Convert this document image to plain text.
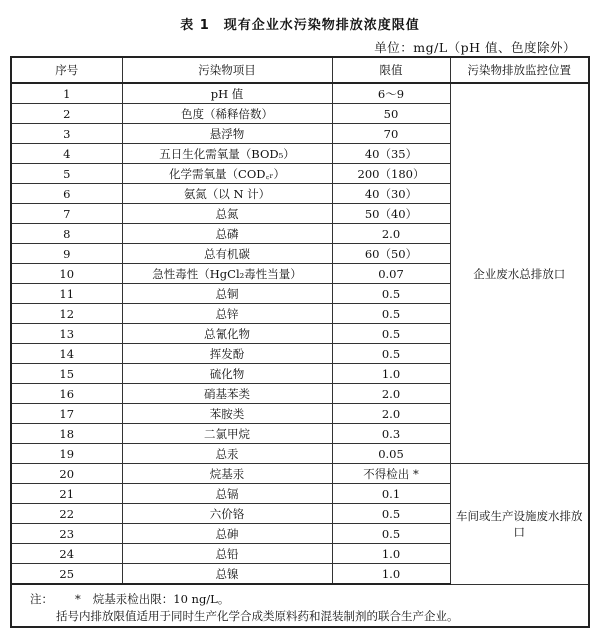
表 1 现有企业水污染物排放浓度限值
单位：mg/L（pH 值、色度除外）
序号	污染物项目	限值	污染物排放监控位置
1	pH 值	6～9	企业废水总排放口
2	色度（稀释倍数）	50	
3	悬浮物	70	
4	五日生化需氧量（BOD₅）	40（35）	
5	化学需氧量（COD꜀ᵣ）	200（180）	
6	氨氮（以 N 计）	40（30）	
7	总氮	50（40）	
8	总磷	2.0	
9	总有机碳	60（50）	
10	急性毒性（HgCl₂毒性当量）	0.07	
11	总铜	0.5	
12	总锌	0.5	
13	总氰化物	0.5	
14	挥发酚	0.5	
15	硫化物	1.0	
16	硝基苯类	2.0	
17	苯胺类	2.0	
18	二氯甲烷	0.3	
19	总汞	0.05	
20	烷基汞	不得检出 *	车间或生产设施废水排放口
21	总镉	0.1	
22	六价铬	0.5	
23	总砷	0.5	
24	总铅	1.0	
25	总镍	1.0	
注： * 烷基汞检出限：10 ng/L。
括号内排放限值适用于同时生产化学合成类原料药和混装制剂的联合生产企业。
